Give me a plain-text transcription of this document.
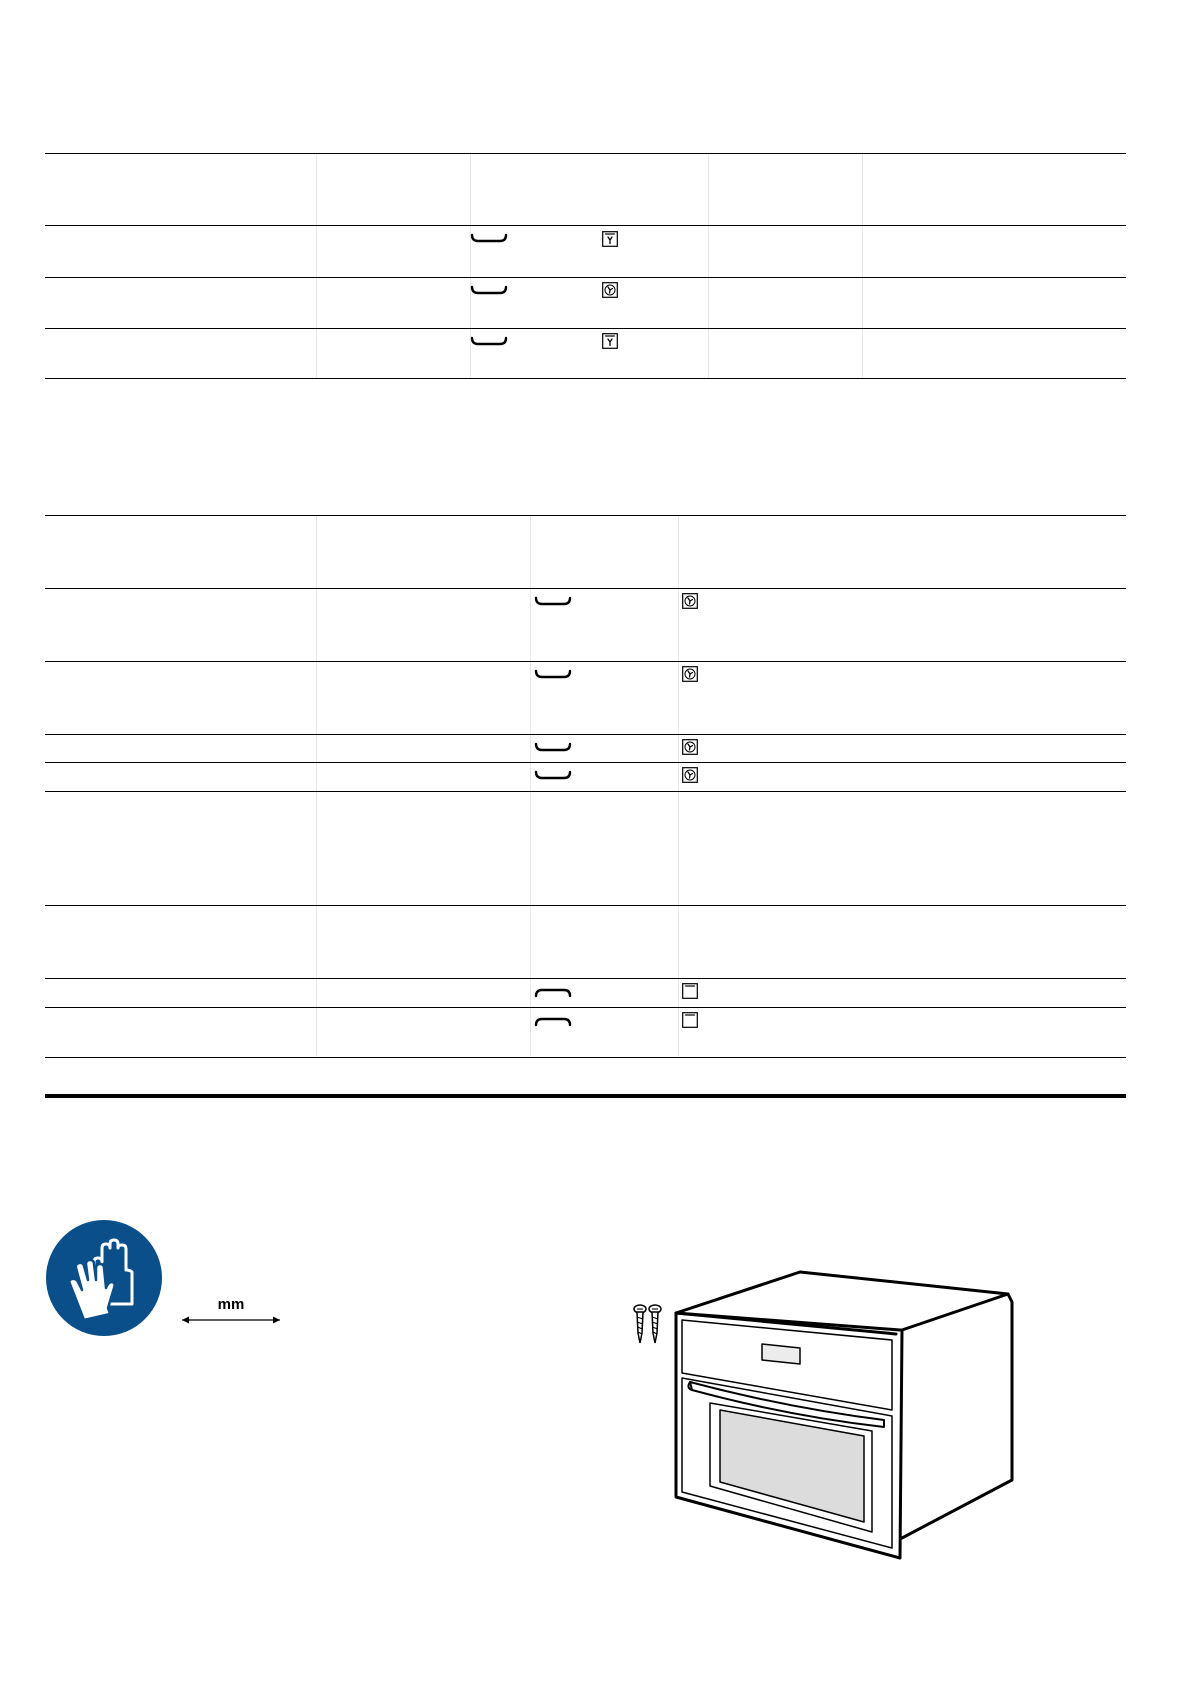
mm
